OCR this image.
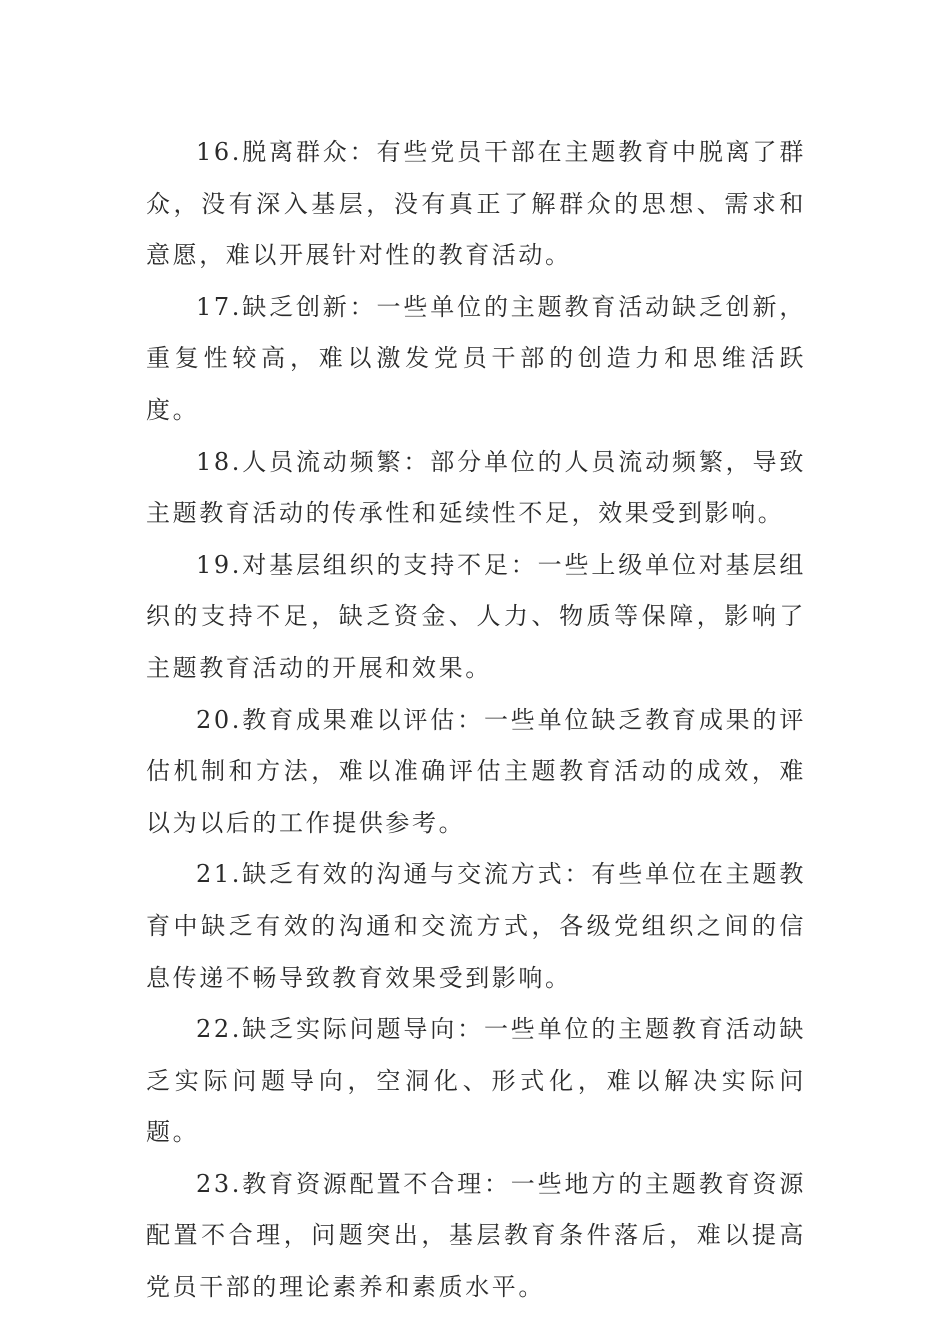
16.脱离群众：有些党员干部在主题教育中脱离了群众，没有深入基层，没有真正了解群众的思想、需求和意愿，难以开展针对性的教育活动。

17.缺乏创新：一些单位的主题教育活动缺乏创新，重复性较高，难以激发党员干部的创造力和思维活跃度。

18.人员流动频繁：部分单位的人员流动频繁，导致主题教育活动的传承性和延续性不足，效果受到影响。

19.对基层组织的支持不足：一些上级单位对基层组织的支持不足，缺乏资金、人力、物质等保障，影响了主题教育活动的开展和效果。

20.教育成果难以评估：一些单位缺乏教育成果的评估机制和方法，难以准确评估主题教育活动的成效，难以为以后的工作提供参考。

21.缺乏有效的沟通与交流方式：有些单位在主题教育中缺乏有效的沟通和交流方式，各级党组织之间的信息传递不畅导致教育效果受到影响。

22.缺乏实际问题导向：一些单位的主题教育活动缺乏实际问题导向，空洞化、形式化，难以解决实际问题。

23.教育资源配置不合理：一些地方的主题教育资源配置不合理，问题突出，基层教育条件落后，难以提高党员干部的理论素养和素质水平。
